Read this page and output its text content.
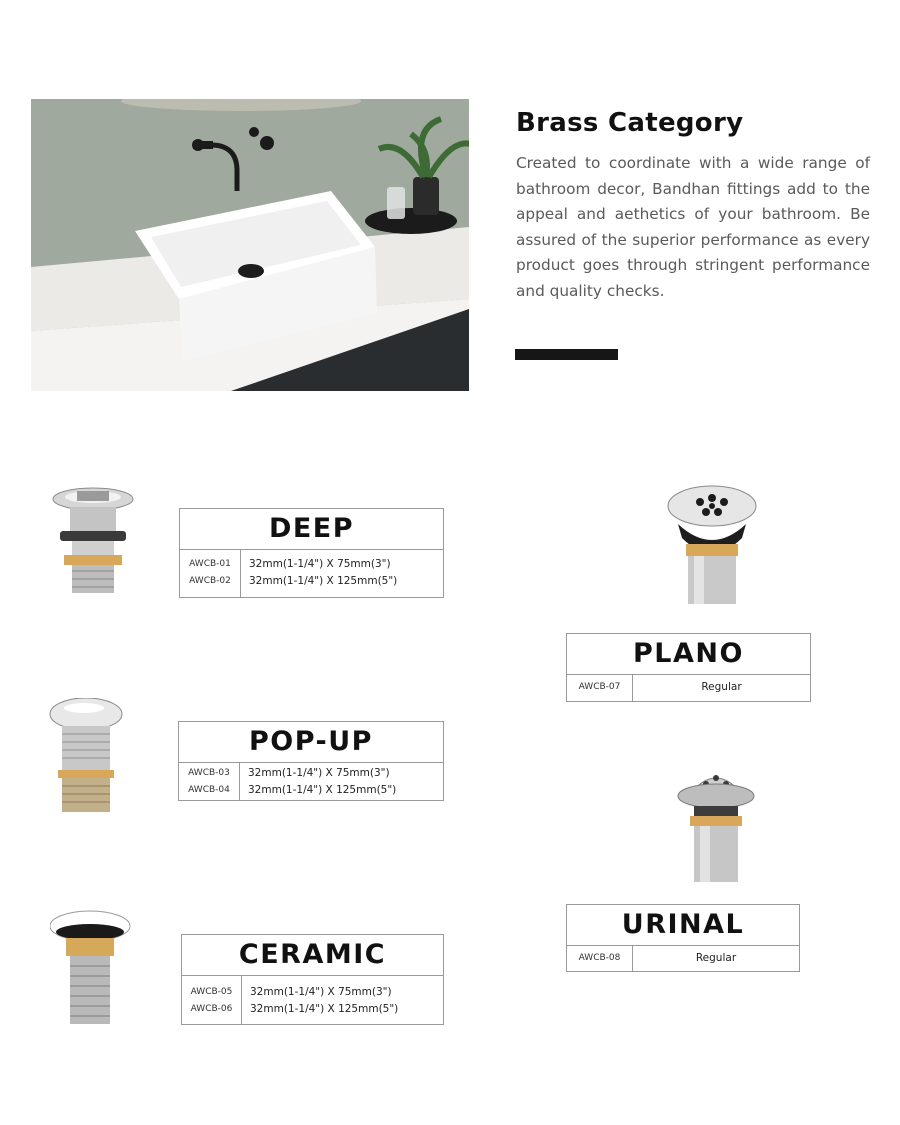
Brass Category

Created to coordinate with a wide range of bathroom decor, Bandhan fittings add to the appeal and aethetics of your bathroom. Be assured of the superior performance as every product goes through stringent performance and quality checks.

DEEP
AWCB-01
AWCB-02
32mm(1-1/4") X 75mm(3")
32mm(1-1/4") X 125mm(5")
POP-UP
AWCB-03
AWCB-04
32mm(1-1/4") X 75mm(3")
32mm(1-1/4") X 125mm(5")
CERAMIC
AWCB-05
AWCB-06
32mm(1-1/4") X 75mm(3")
32mm(1-1/4") X 125mm(5")
PLANO
AWCB-07	Regular
URINAL
AWCB-08	Regular
